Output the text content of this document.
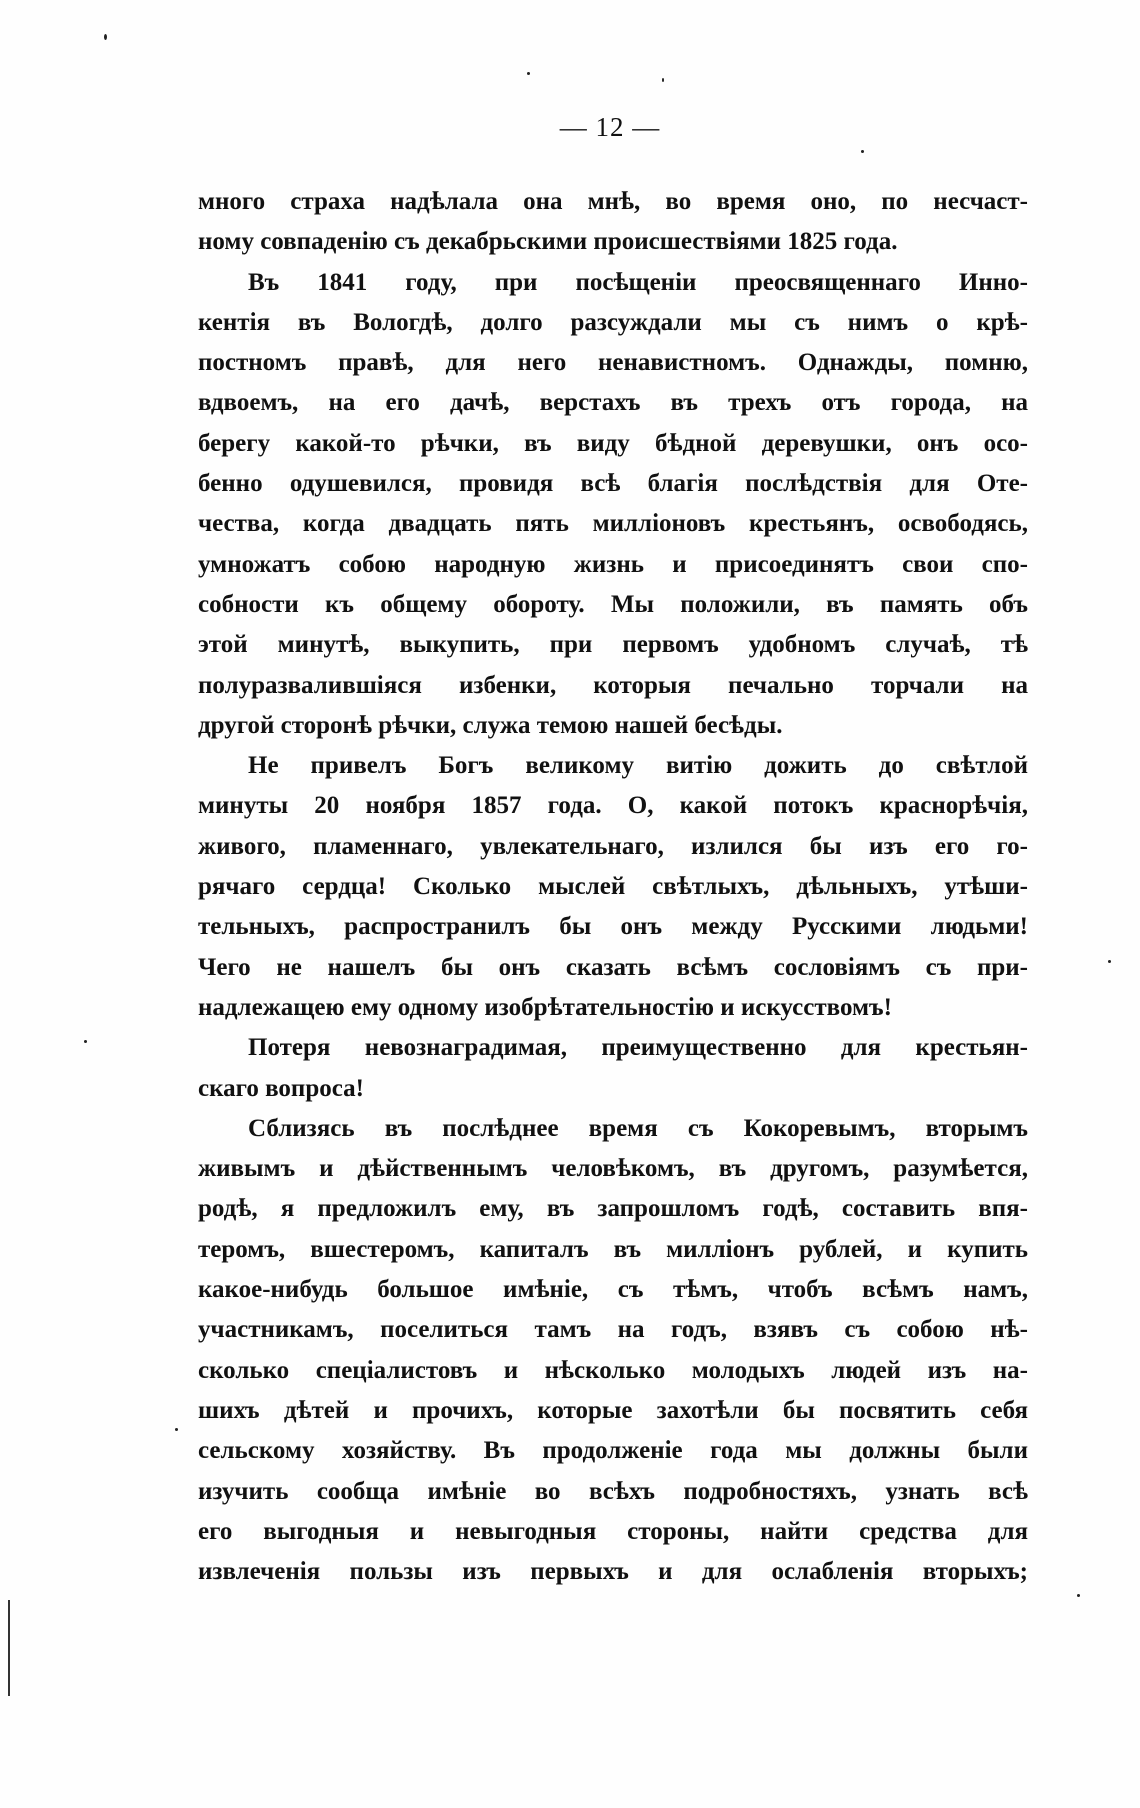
— 12 —
много страха надѣлала она мнѣ, во время оно, по несчаст-
ному совпаденію съ декабрьскими происшествіями 1825 года.
Въ 1841 году, при посѣщеніи преосвященнаго Инно-
кентія въ Вологдѣ, долго разсуждали мы съ нимъ о крѣ-
постномъ правѣ, для него ненавистномъ. Однажды, помню,
вдвоемъ, на его дачѣ, верстахъ въ трехъ отъ города, на
берегу какой-то рѣчки, въ виду бѣдной деревушки, онъ осо-
бенно одушевился, провидя всѣ благія послѣдствія для Оте-
чества, когда двадцать пять милліоновъ крестьянъ, освободясь,
умножатъ собою народную жизнь и присоединятъ свои спо-
собности къ общему обороту. Мы положили, въ память объ
этой минутѣ, выкупить, при первомъ удобномъ случаѣ, тѣ
полуразвалившіяся избенки, которыя печально торчали на
другой сторонѣ рѣчки, служа темою нашей бесѣды.
Не привелъ Богъ великому витію дожить до свѣтлой
минуты 20 ноября 1857 года. О, какой потокъ краснорѣчія,
живого, пламеннаго, увлекательнаго, излился бы изъ его го-
рячаго сердца! Сколько мыслей свѣтлыхъ, дѣльныхъ, утѣши-
тельныхъ, распространилъ бы онъ между Русскими людьми!
Чего не нашелъ бы онъ сказать всѣмъ сословіямъ съ при-
надлежащею ему одному изобрѣтательностію и искусствомъ!
Потеря невознаградимая, преимущественно для крестьян-
скаго вопроса!
Сблизясь въ послѣднее время съ Кокоревымъ, вторымъ
живымъ и дѣйственнымъ человѣкомъ, въ другомъ, разумѣется,
родѣ, я предложилъ ему, въ запрошломъ годѣ, составить впя-
теромъ, вшестеромъ, капиталъ въ милліонъ рублей, и купить
какое-нибудь большое имѣніе, съ тѣмъ, чтобъ всѣмъ намъ,
участникамъ, поселиться тамъ на годъ, взявъ съ собою нѣ-
сколько спеціалистовъ и нѣсколько молодыхъ людей изъ на-
шихъ дѣтей и прочихъ, которые захотѣли бы посвятить себя
сельскому хозяйству. Въ продолженіе года мы должны были
изучить сообща имѣніе во всѣхъ подробностяхъ, узнать всѣ
его выгодныя и невыгодныя стороны, найти средства для
извлеченія пользы изъ первыхъ и для ослабленія вторыхъ;
